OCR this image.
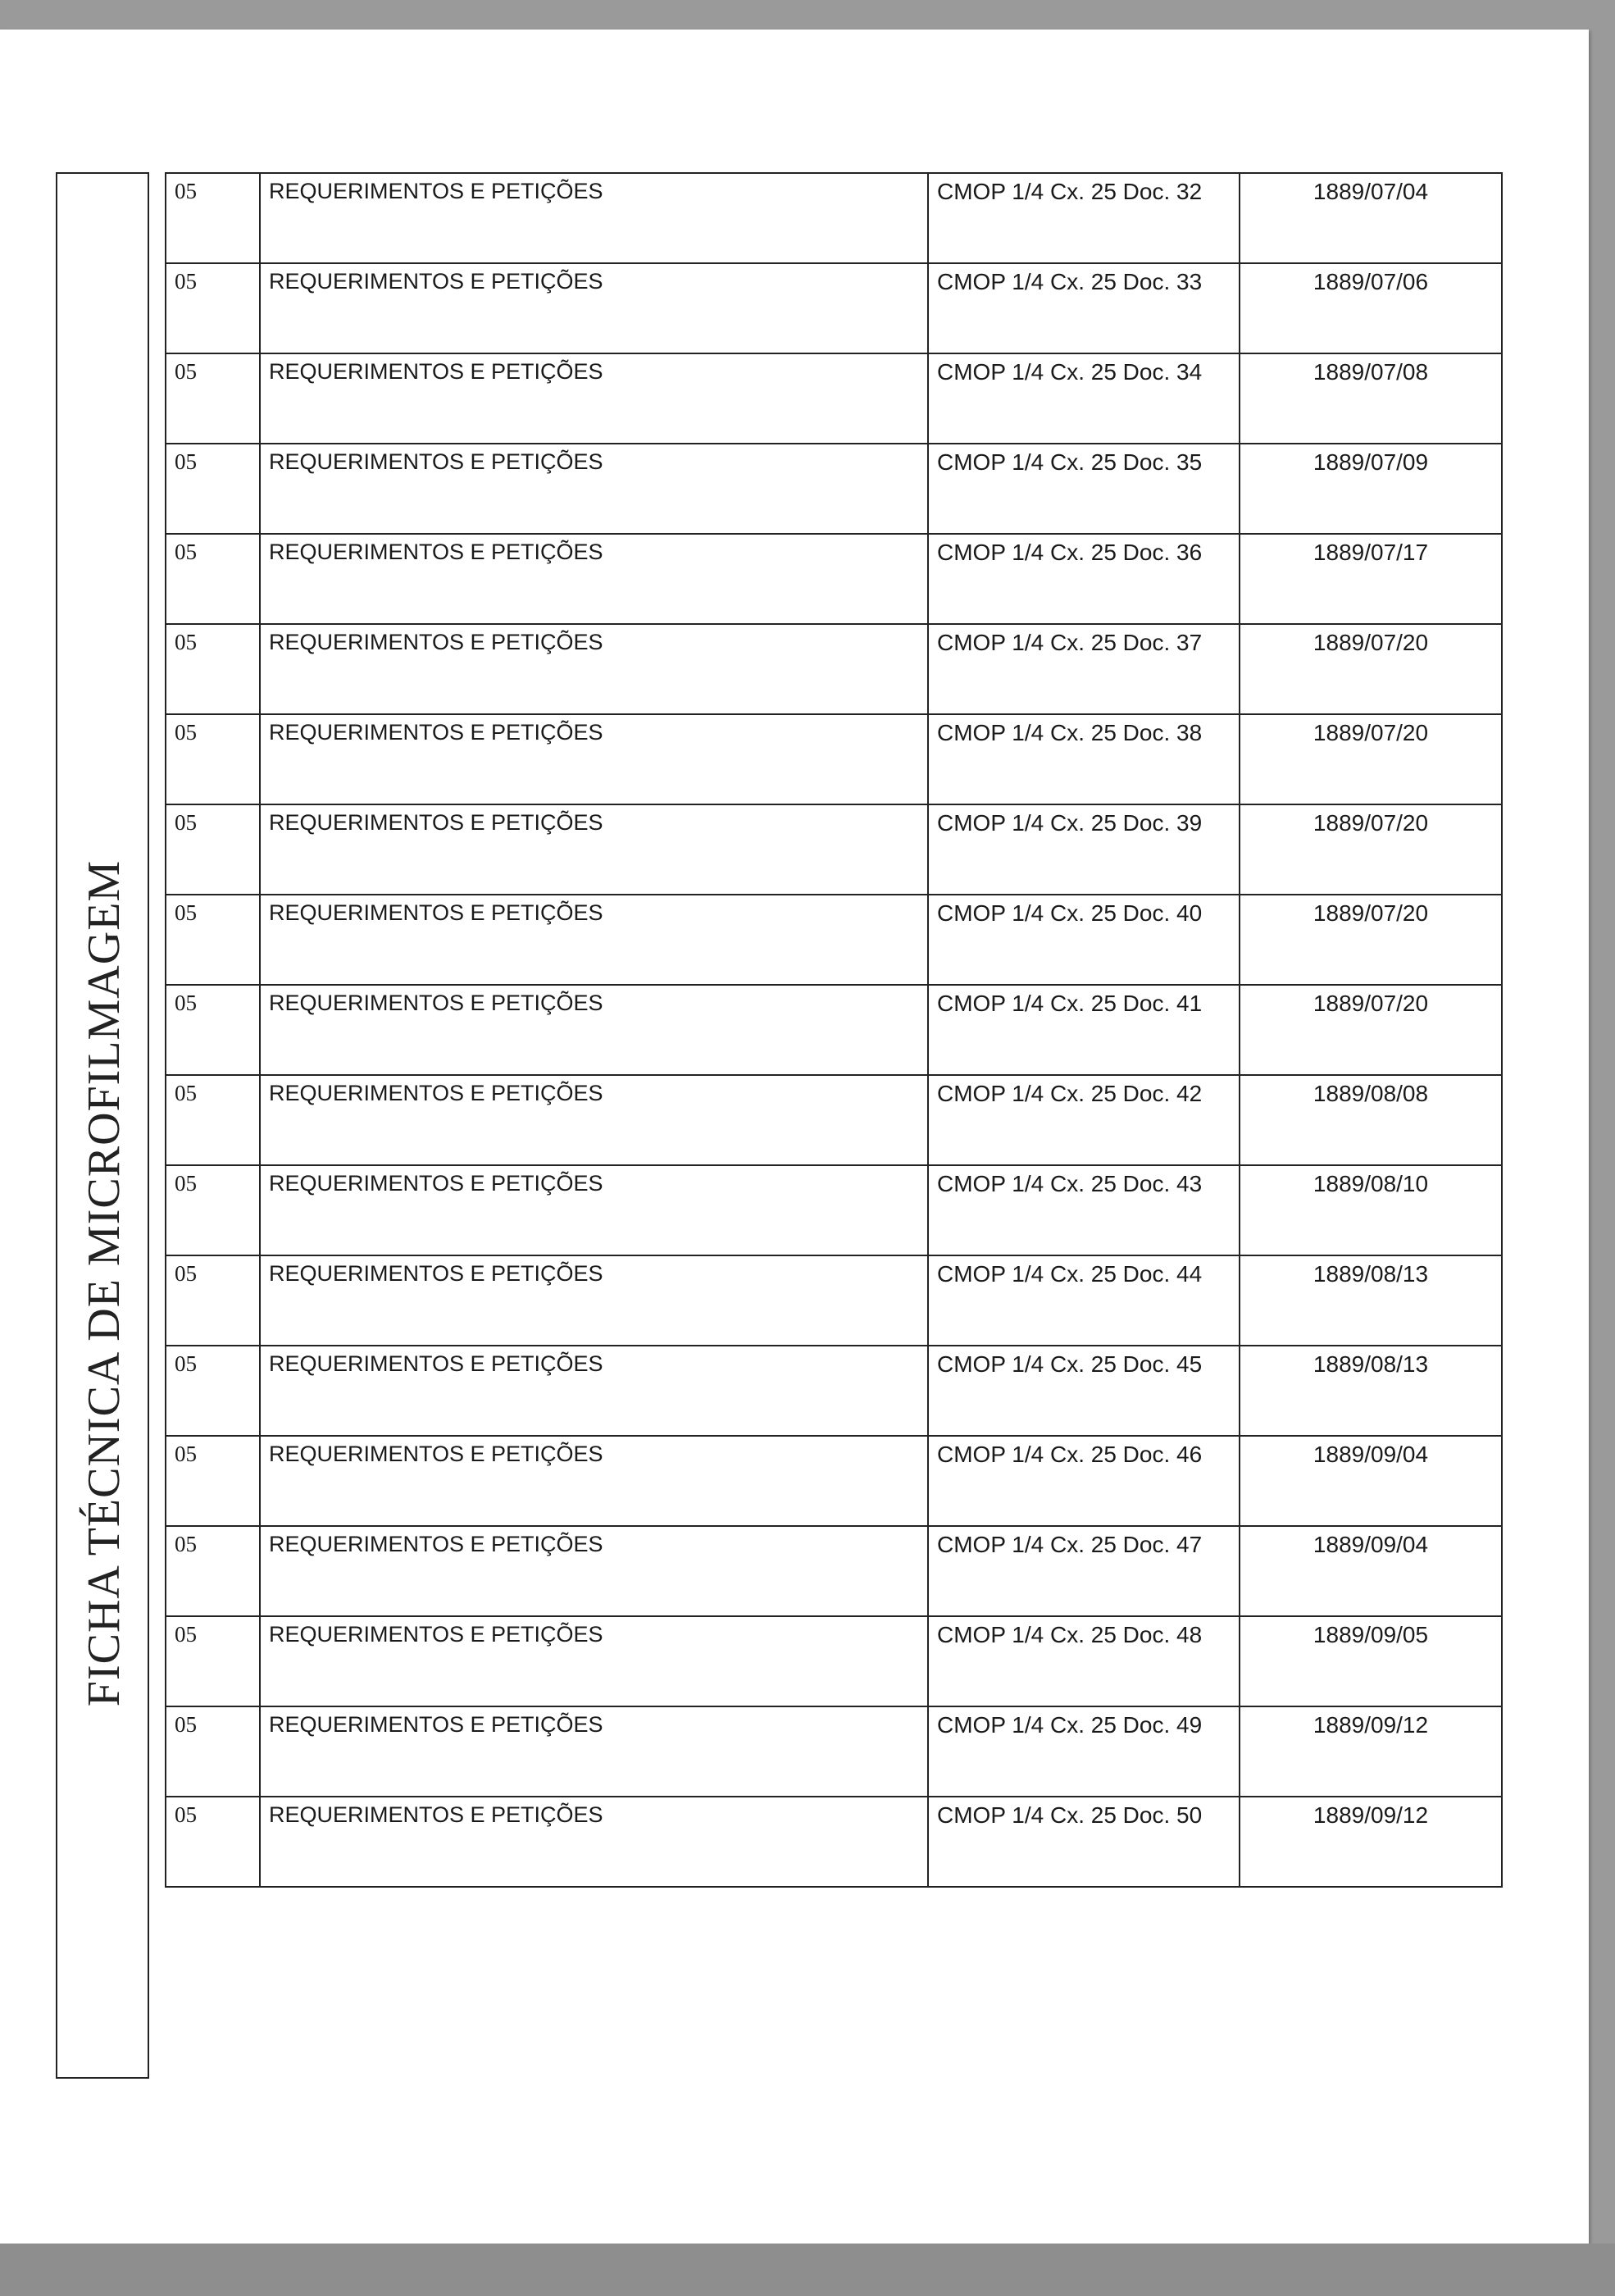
FICHA TÉCNICA DE MICROFILMAGEM
05	REQUERIMENTOS E PETIÇÕES	CMOP 1/4 Cx. 25 Doc. 32	1889/07/04
05	REQUERIMENTOS E PETIÇÕES	CMOP 1/4 Cx. 25 Doc. 33	1889/07/06
05	REQUERIMENTOS E PETIÇÕES	CMOP 1/4 Cx. 25 Doc. 34	1889/07/08
05	REQUERIMENTOS E PETIÇÕES	CMOP 1/4 Cx. 25 Doc. 35	1889/07/09
05	REQUERIMENTOS E PETIÇÕES	CMOP 1/4 Cx. 25 Doc. 36	1889/07/17
05	REQUERIMENTOS E PETIÇÕES	CMOP 1/4 Cx. 25 Doc. 37	1889/07/20
05	REQUERIMENTOS E PETIÇÕES	CMOP 1/4 Cx. 25 Doc. 38	1889/07/20
05	REQUERIMENTOS E PETIÇÕES	CMOP 1/4 Cx. 25 Doc. 39	1889/07/20
05	REQUERIMENTOS E PETIÇÕES	CMOP 1/4 Cx. 25 Doc. 40	1889/07/20
05	REQUERIMENTOS E PETIÇÕES	CMOP 1/4 Cx. 25 Doc. 41	1889/07/20
05	REQUERIMENTOS E PETIÇÕES	CMOP 1/4 Cx. 25 Doc. 42	1889/08/08
05	REQUERIMENTOS E PETIÇÕES	CMOP 1/4 Cx. 25 Doc. 43	1889/08/10
05	REQUERIMENTOS E PETIÇÕES	CMOP 1/4 Cx. 25 Doc. 44	1889/08/13
05	REQUERIMENTOS E PETIÇÕES	CMOP 1/4 Cx. 25 Doc. 45	1889/08/13
05	REQUERIMENTOS E PETIÇÕES	CMOP 1/4 Cx. 25 Doc. 46	1889/09/04
05	REQUERIMENTOS E PETIÇÕES	CMOP 1/4 Cx. 25 Doc. 47	1889/09/04
05	REQUERIMENTOS E PETIÇÕES	CMOP 1/4 Cx. 25 Doc. 48	1889/09/05
05	REQUERIMENTOS E PETIÇÕES	CMOP 1/4 Cx. 25 Doc. 49	1889/09/12
05	REQUERIMENTOS E PETIÇÕES	CMOP 1/4 Cx. 25 Doc. 50	1889/09/12
